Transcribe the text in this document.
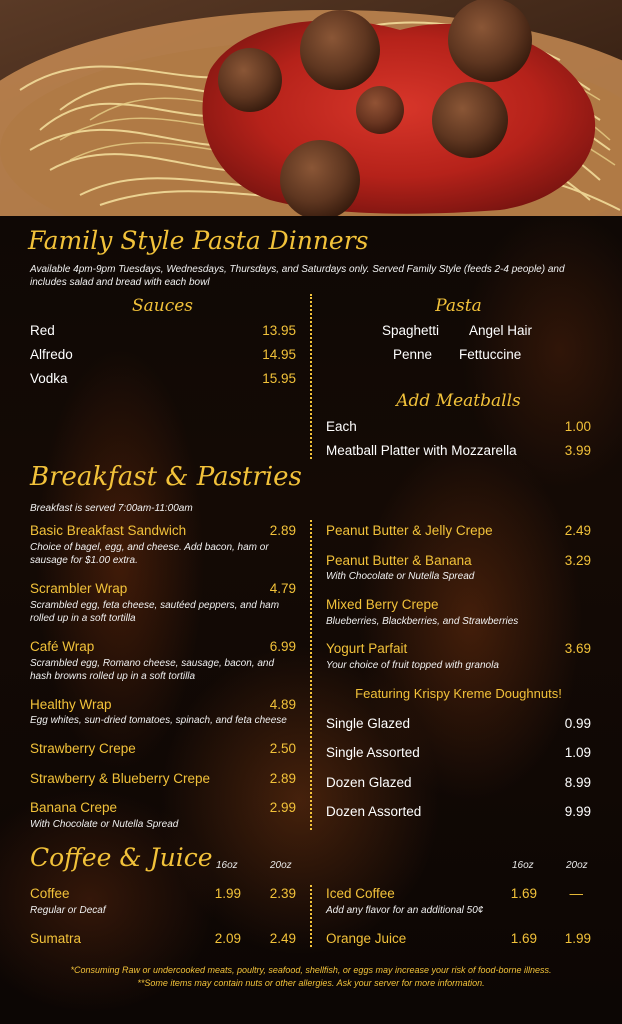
Family Style Pasta Dinners
Available 4pm-9pm Tuesdays, Wednesdays, Thursdays, and Saturdays only. Served Family Style (feeds 2-4 people) and includes salad and bread with each bowl
Sauces
Red	13.95
Alfredo	14.95
Vodka	15.95
Pasta
Spaghetti Angel Hair
Penne Fettuccine
Add Meatballs
Each	1.00
Meatball Platter with Mozzarella	3.99
Breakfast & Pastries
Breakfast is served 7:00am-11:00am
Basic Breakfast Sandwich	2.89
Choice of bagel, egg, and cheese. Add bacon, ham or sausage for $1.00 extra.
Scrambler Wrap	4.79
Scrambled egg, feta cheese, sautéed peppers, and ham rolled up in a soft tortilla
Café Wrap	6.99
Scrambled egg, Romano cheese, sausage, bacon, and hash browns rolled up in a soft tortilla
Healthy Wrap	4.89
Egg whites, sun-dried tomatoes, spinach, and feta cheese
Strawberry Crepe	2.50
Strawberry & Blueberry Crepe	2.89
Banana Crepe	2.99
With Chocolate or Nutella Spread
Peanut Butter & Jelly Crepe	2.49
Peanut Butter & Banana	3.29
With Chocolate or Nutella Spread
Mixed Berry Crepe
Blueberries, Blackberries, and Strawberries
Yogurt Parfait	3.69
Your choice of fruit topped with granola
Featuring Krispy Kreme Doughnuts!
Single Glazed	0.99
Single Assorted	1.09
Dozen Glazed	8.99
Dozen Assorted	9.99
Coffee & Juice 16oz	20oz	16oz	20oz
Coffee	1.99 2.39
Regular or Decaf
Sumatra	2.09 2.49
Iced Coffee	1.69 —
Add any flavor for an additional 50¢
Orange Juice	1.69 1.99
*Consuming Raw or undercooked meats, poultry, seafood, shellfish, or eggs may increase your risk of food-borne illness.
**Some items may contain nuts or other allergies. Ask your server for more information.
